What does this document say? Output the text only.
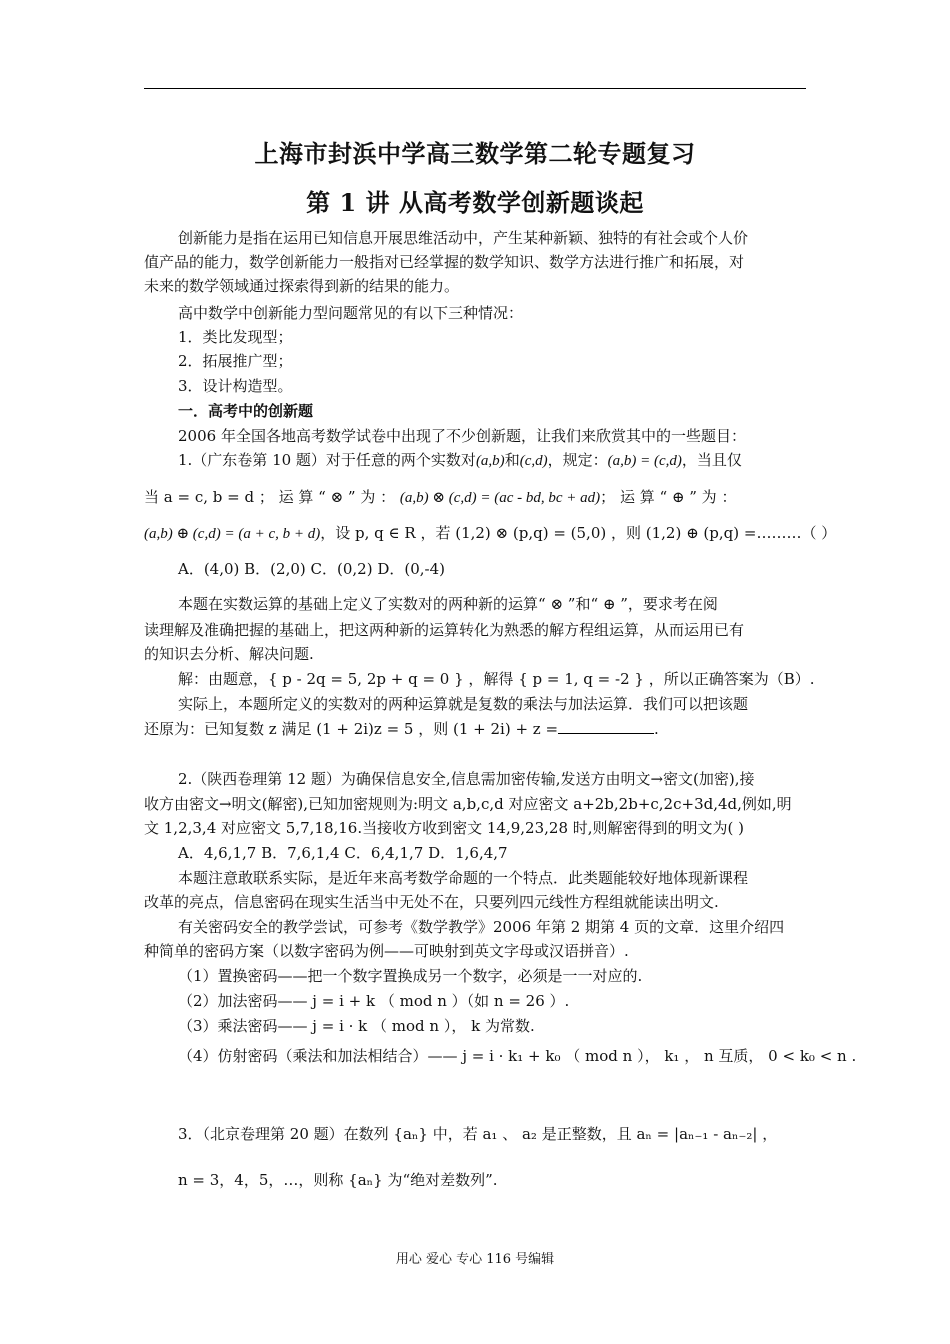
上海市封浜中学高三数学第二轮专题复习
第 1 讲 从高考数学创新题谈起
创新能力是指在运用已知信息开展思维活动中，产生某种新颖、独特的有社会或个人价
值产品的能力，数学创新能力一般指对已经掌握的数学知识、数学方法进行推广和拓展，对
未来的数学领域通过探索得到新的结果的能力。
高中数学中创新能力型问题常见的有以下三种情况：
1．类比发现型；
2．拓展推广型；
3．设计构造型。
一．高考中的创新题
2006 年全国各地高考数学试卷中出现了不少创新题，让我们来欣赏其中的一些题目：
1.（广东卷第 10 题）对于任意的两个实数对(a,b)和(c,d)，规定：(a,b) = (c,d)，当且仅
当 a = c, b = d ； 运 算 “ ⊗ ” 为 ： (a,b) ⊗ (c,d) = (ac - bd, bc + ad)； 运 算 “ ⊕ ” 为 ：
(a,b) ⊕ (c,d) = (a + c, b + d)，设 p, q ∈ R ，若 (1,2) ⊗ (p,q) = (5,0) ，则 (1,2) ⊕ (p,q) =………（ ）
A．(4,0) B．(2,0) C．(0,2) D．(0,-4)
本题在实数运算的基础上定义了实数对的两种新的运算“ ⊗ ”和“ ⊕ ”，要求考在阅
读理解及准确把握的基础上，把这两种新的运算转化为熟悉的解方程组运算，从而运用已有
的知识去分析、解决问题.
解：由题意，{ p - 2q = 5, 2p + q = 0 } ，解得 { p = 1, q = -2 } ，所以正确答案为（B）.
实际上，本题所定义的实数对的两种运算就是复数的乘法与加法运算．我们可以把该题
还原为：已知复数 z 满足 (1 + 2i)z = 5 ，则 (1 + 2i) + z =	.
2.（陕西卷理第 12 题）为确保信息安全,信息需加密传输,发送方由明文→密文(加密),接
收方由密文→明文(解密),已知加密规则为:明文 a,b,c,d 对应密文 a+2b,2b+c,2c+3d,4d,例如,明
文 1,2,3,4 对应密文 5,7,18,16.当接收方收到密文 14,9,23,28 时,则解密得到的明文为( )
A．4,6,1,7 B．7,6,1,4 C．6,4,1,7 D．1,6,4,7
本题注意敢联系实际，是近年来高考数学命题的一个特点．此类题能较好地体现新课程
改革的亮点，信息密码在现实生活当中无处不在，只要列四元线性方程组就能读出明文.
有关密码安全的教学尝试，可参考《数学教学》2006 年第 2 期第 4 页的文章．这里介绍四
种简单的密码方案（以数字密码为例——可映射到英文字母或汉语拼音）.
（1）置换密码——把一个数字置换成另一个数字，必须是一一对应的.
（2）加法密码—— j = i + k （ mod n ）（如 n = 26 ）.
（3）乘法密码—— j = i · k （ mod n ）， k 为常数.
（4）仿射密码（乘法和加法相结合）—— j = i · k₁ + k₀ （ mod n ）， k₁ ， n 互质， 0 < k₀ < n .
3．（北京卷理第 20 题）在数列 {aₙ} 中，若 a₁ 、 a₂ 是正整数，且 aₙ = |aₙ₋₁ - aₙ₋₂| ，
n = 3，4，5，…，则称 {aₙ} 为“绝对差数列”.
用心 爱心 专心 116 号编辑
